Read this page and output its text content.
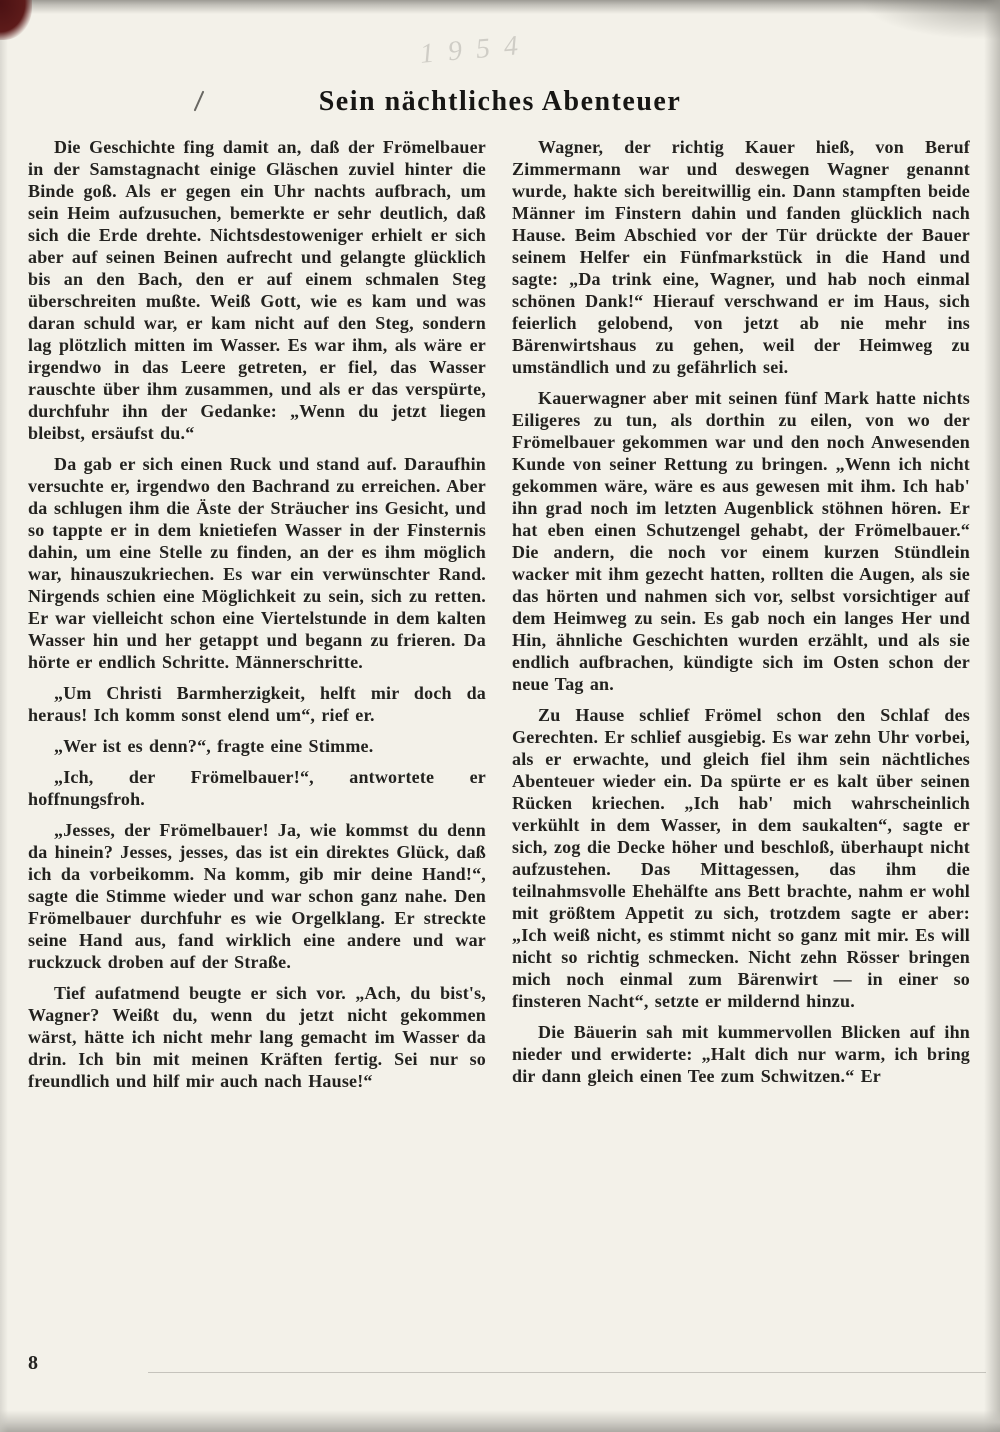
1954
Sein nächtliches Abenteuer

Die Geschichte fing damit an, daß der Frömelbauer in der Samstagnacht einige Gläschen zuviel hinter die Binde goß. Als er gegen ein Uhr nachts aufbrach, um sein Heim aufzusuchen, bemerkte er sehr deutlich, daß sich die Erde drehte. Nichtsdestoweniger erhielt er sich aber auf seinen Beinen aufrecht und gelangte glücklich bis an den Bach, den er auf einem schmalen Steg überschreiten mußte. Weiß Gott, wie es kam und was daran schuld war, er kam nicht auf den Steg, sondern lag plötzlich mitten im Wasser. Es war ihm, als wäre er irgendwo in das Leere getreten, er fiel, das Wasser rauschte über ihm zusammen, und als er das verspürte, durchfuhr ihn der Gedanke: „Wenn du jetzt liegen bleibst, ersäufst du.“

Da gab er sich einen Ruck und stand auf. Daraufhin versuchte er, irgendwo den Bachrand zu erreichen. Aber da schlugen ihm die Äste der Sträucher ins Gesicht, und so tappte er in dem knietiefen Wasser in der Finsternis dahin, um eine Stelle zu finden, an der es ihm möglich war, hinauszukriechen. Es war ein verwünschter Rand. Nirgends schien eine Möglichkeit zu sein, sich zu retten. Er war vielleicht schon eine Viertelstunde in dem kalten Wasser hin und her getappt und begann zu frieren. Da hörte er endlich Schritte. Männerschritte.

„Um Christi Barmherzigkeit, helft mir doch da heraus! Ich komm sonst elend um“, rief er.

„Wer ist es denn?“, fragte eine Stimme.

„Ich, der Frömelbauer!“, antwortete er hoffnungsfroh.

„Jesses, der Frömelbauer! Ja, wie kommst du denn da hinein? Jesses, jesses, das ist ein direktes Glück, daß ich da vorbeikomm. Na komm, gib mir deine Hand!“, sagte die Stimme wieder und war schon ganz nahe. Den Frömelbauer durchfuhr es wie Orgelklang. Er streckte seine Hand aus, fand wirklich eine andere und war ruckzuck droben auf der Straße.

Tief aufatmend beugte er sich vor. „Ach, du bist's, Wagner? Weißt du, wenn du jetzt nicht gekommen wärst, hätte ich nicht mehr lang gemacht im Wasser da drin. Ich bin mit meinen Kräften fertig. Sei nur so freundlich und hilf mir auch nach Hause!“

Wagner, der richtig Kauer hieß, von Beruf Zimmermann war und deswegen Wagner genannt wurde, hakte sich bereitwillig ein. Dann stampften beide Männer im Finstern dahin und fanden glücklich nach Hause. Beim Abschied vor der Tür drückte der Bauer seinem Helfer ein Fünfmarkstück in die Hand und sagte: „Da trink eine, Wagner, und hab noch einmal schönen Dank!“ Hierauf verschwand er im Haus, sich feierlich gelobend, von jetzt ab nie mehr ins Bärenwirtshaus zu gehen, weil der Heimweg zu umständlich und zu gefährlich sei.

Kauerwagner aber mit seinen fünf Mark hatte nichts Eiligeres zu tun, als dorthin zu eilen, von wo der Frömelbauer gekommen war und den noch Anwesenden Kunde von seiner Rettung zu bringen. „Wenn ich nicht gekommen wäre, wäre es aus gewesen mit ihm. Ich hab' ihn grad noch im letzten Augenblick stöhnen hören. Er hat eben einen Schutzengel gehabt, der Frömelbauer.“ Die andern, die noch vor einem kurzen Stündlein wacker mit ihm gezecht hatten, rollten die Augen, als sie das hörten und nahmen sich vor, selbst vorsichtiger auf dem Heimweg zu sein. Es gab noch ein langes Her und Hin, ähnliche Geschichten wurden erzählt, und als sie endlich aufbrachen, kündigte sich im Osten schon der neue Tag an.

Zu Hause schlief Frömel schon den Schlaf des Gerechten. Er schlief ausgiebig. Es war zehn Uhr vorbei, als er erwachte, und gleich fiel ihm sein nächtliches Abenteuer wieder ein. Da spürte er es kalt über seinen Rücken kriechen. „Ich hab' mich wahrscheinlich verkühlt in dem Wasser, in dem saukalten“, sagte er sich, zog die Decke höher und beschloß, überhaupt nicht aufzustehen. Das Mittagessen, das ihm die teilnahmsvolle Ehehälfte ans Bett brachte, nahm er wohl mit größtem Appetit zu sich, trotzdem sagte er aber: „Ich weiß nicht, es stimmt nicht so ganz mit mir. Es will nicht so richtig schmecken. Nicht zehn Rösser bringen mich noch einmal zum Bärenwirt — in einer so finsteren Nacht“, setzte er mildernd hinzu.

Die Bäuerin sah mit kummervollen Blicken auf ihn nieder und erwiderte: „Halt dich nur warm, ich bring dir dann gleich einen Tee zum Schwitzen.“ Er

8
